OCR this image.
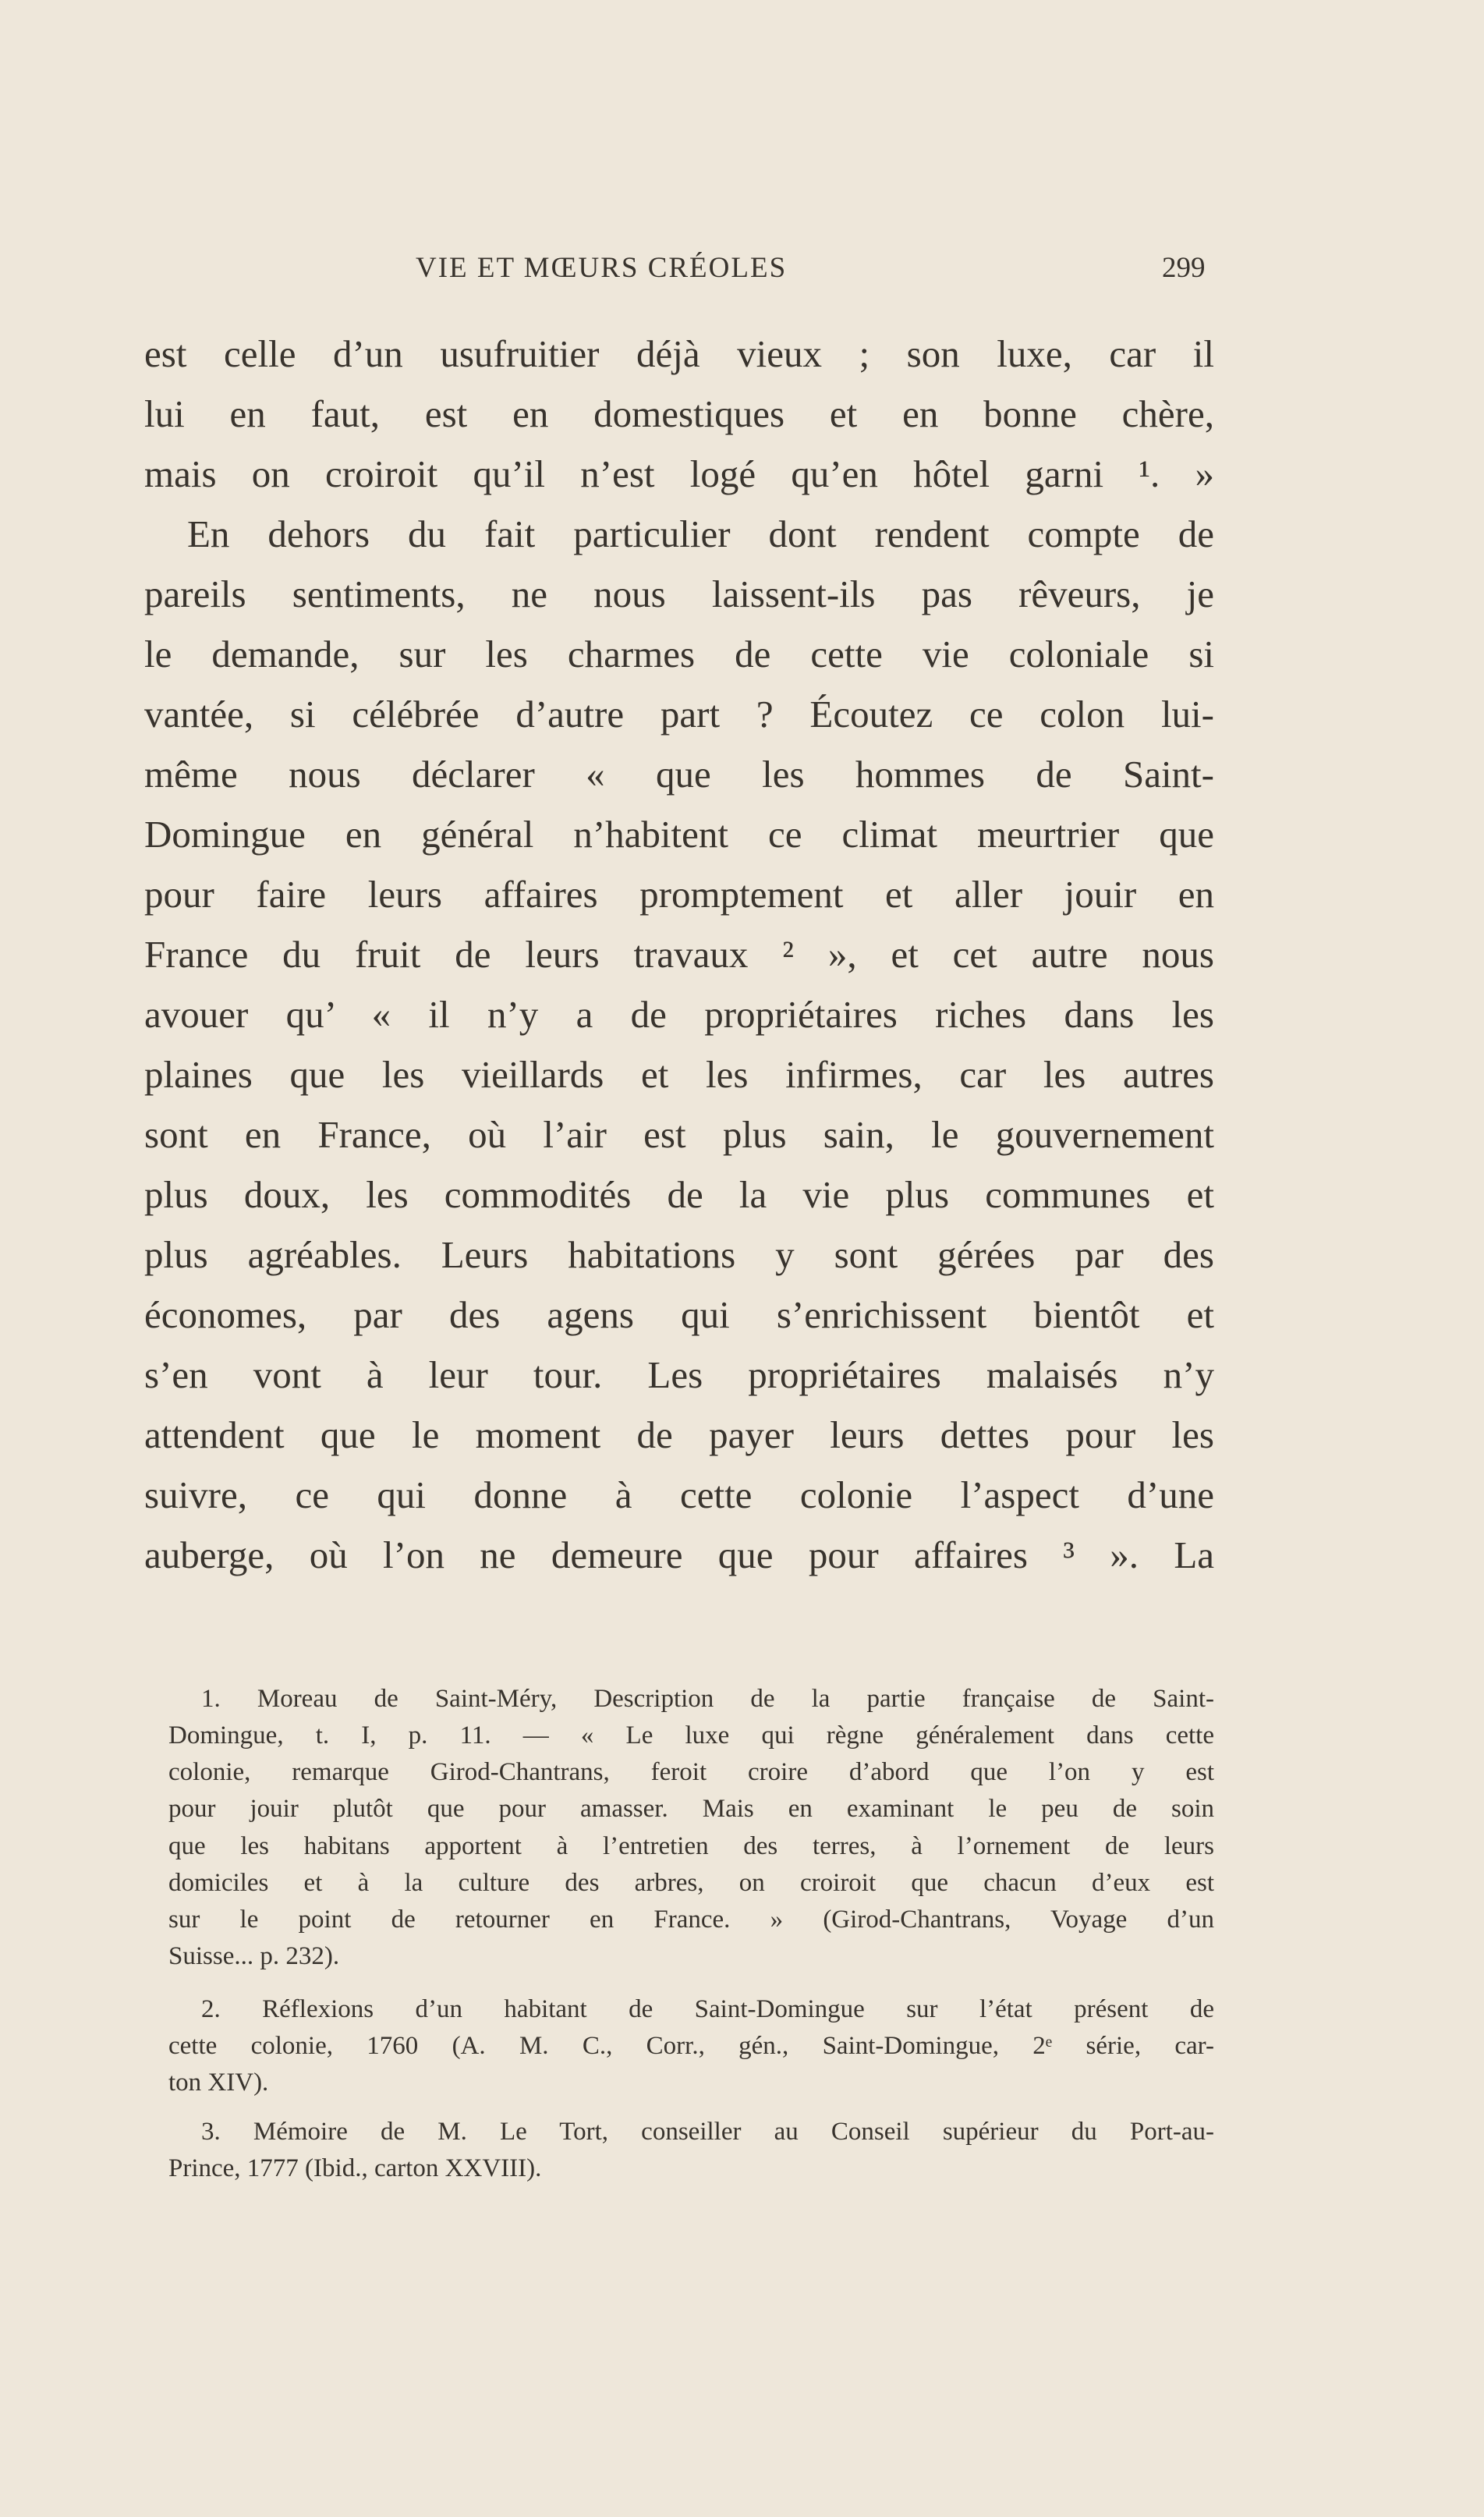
VIE ET MŒURS CRÉOLES	299
est celle d’un usufruitier déjà vieux ; son luxe, car il
lui en faut, est en domestiques et en bonne chère,
mais on croiroit qu’il n’est logé qu’en hôtel garni ¹. »
En dehors du fait particulier dont rendent compte de
pareils sentiments, ne nous laissent-ils pas rêveurs, je
le demande, sur les charmes de cette vie coloniale si
vantée, si célébrée d’autre part ? Écoutez ce colon lui-
même nous déclarer « que les hommes de Saint-
Domingue en général n’habitent ce climat meurtrier que
pour faire leurs affaires promptement et aller jouir en
France du fruit de leurs travaux ² », et cet autre nous
avouer qu’ « il n’y a de propriétaires riches dans les
plaines que les vieillards et les infirmes, car les autres
sont en France, où l’air est plus sain, le gouvernement
plus doux, les commodités de la vie plus communes et
plus agréables. Leurs habitations y sont gérées par des
économes, par des agens qui s’enrichissent bientôt et
s’en vont à leur tour. Les propriétaires malaisés n’y
attendent que le moment de payer leurs dettes pour les
suivre, ce qui donne à cette colonie l’aspect d’une
auberge, où l’on ne demeure que pour affaires ³ ». La
1. Moreau de Saint-Méry, Description de la partie française de Saint-
Domingue, t. I, p. 11. — « Le luxe qui règne généralement dans cette
colonie, remarque Girod-Chantrans, feroit croire d’abord que l’on y est
pour jouir plutôt que pour amasser. Mais en examinant le peu de soin
que les habitans apportent à l’entretien des terres, à l’ornement de leurs
domiciles et à la culture des arbres, on croiroit que chacun d’eux est
sur le point de retourner en France. » (Girod-Chantrans, Voyage d’un
Suisse... p. 232).
2. Réflexions d’un habitant de Saint-Domingue sur l’état présent de
cette colonie, 1760 (A. M. C., Corr., gén., Saint-Domingue, 2ᵉ série, car-
ton XIV).
3. Mémoire de M. Le Tort, conseiller au Conseil supérieur du Port-au-
Prince, 1777 (Ibid., carton XXVIII).
